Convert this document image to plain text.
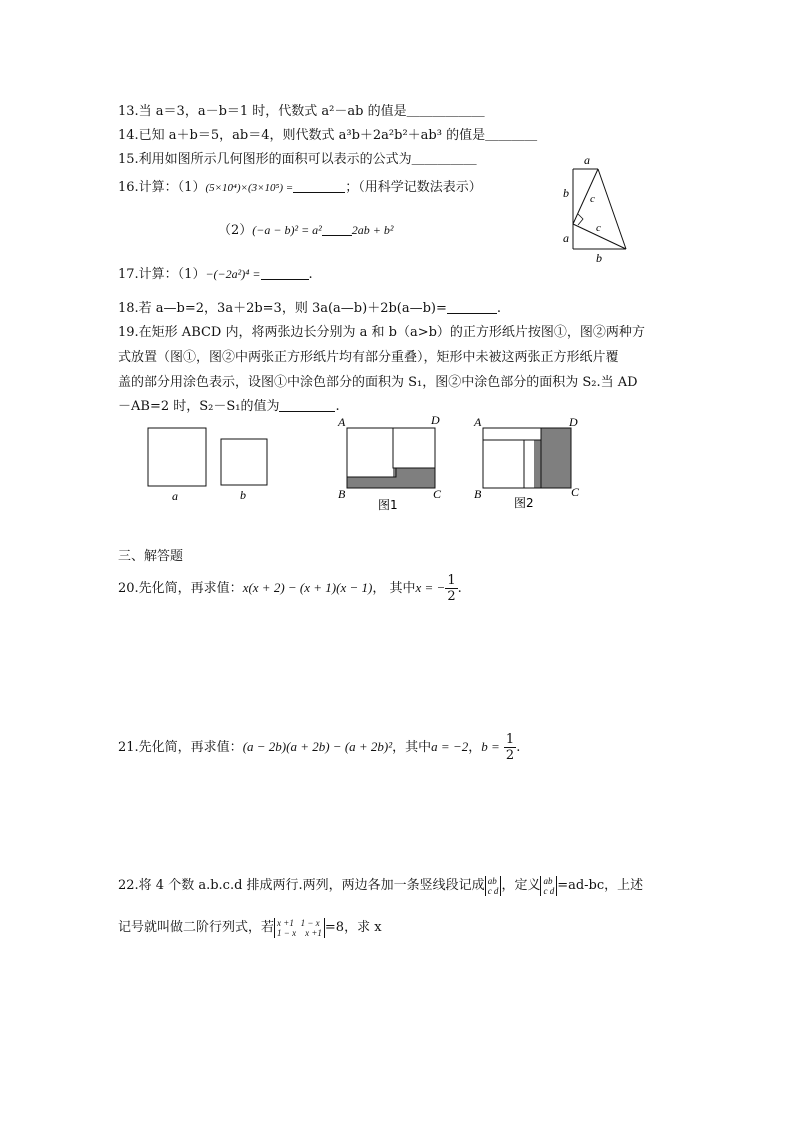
13.当 a＝3，a－b＝1 时，代数式 a²－ab 的值是＿＿＿＿＿＿
14.已知 a＋b＝5，ab＝4，则代数式 a³b＋2a²b²＋ab³ 的值是＿＿＿＿
15.利用如图所示几何图形的面积可以表示的公式为＿＿＿＿＿
16.计算：（1）(5×10⁴)×(3×10⁵) =	；（用科学记数法表示）
（2）(−a − b)² = a²	2ab + b²
a
b
a
b
c
c
17.计算：（1）−(−2a²)⁴ =	.
18.若 a—b=2，3a＋2b=3，则 3a(a—b)＋2b(a—b)=	.
19.在矩形 ABCD 内，将两张边长分别为 a 和 b（a>b）的正方形纸片按图①，图②两种方
式放置（图①，图②中两张正方形纸片均有部分重叠），矩形中未被这两张正方形纸片覆
盖的部分用涂色表示，设图①中涂色部分的面积为 S₁，图②中涂色部分的面积为 S₂.当 AD
－AB=2 时，S₂－S₁的值为	.
a	b
A	D
B	C
图1
A	D
B	C
图2
三、解答题
20.先化简，再求值：x(x + 2) − (x + 1)(x − 1)， 其中x = − $\frac{1}{2}$ .
21.先化简，再求值：(a − 2b)(a + 2b) − (a + 2b)²，其中a = −2，$b = \frac{1}{2}$ .
22.将 4 个数 a.b.c.d 排成两行.两列，两边各加一条竖线段记成 ab
c d ，定义 ab
c d =ad-bc，上述
记号就叫做二阶行列式，若 x +1   1 − x
1 − x    x +1 =8，求 x
